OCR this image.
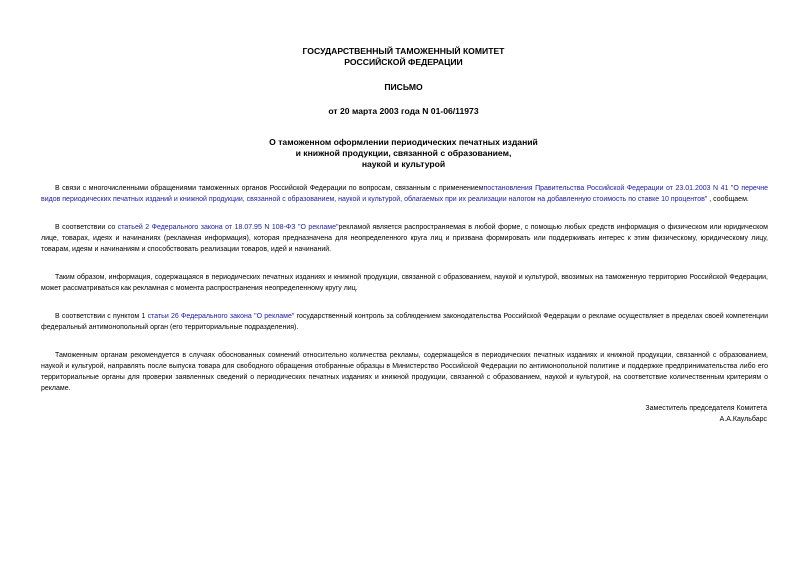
ГОСУДАРСТВЕННЫЙ ТАМОЖЕННЫЙ КОМИТЕТ
РОССИЙСКОЙ ФЕДЕРАЦИИ
ПИСЬМО
от 20 марта 2003 года N 01-06/11973
О таможенном оформлении периодических печатных изданий
и книжной продукции, связанной с образованием,
наукой и культурой

В связи с многочисленными обращениями таможенных органов Российской Федерации по вопросам, связанным с применениемпостановления Правительства Российской Федерации от 23.01.2003 N 41 "О перечне видов периодических печатных изданий и книжной продукции, связанной с образованием, наукой и культурой, облагаемых при их реализации налогом на добавленную стоимость по ставке 10 процентов" , сообщаем.

В соответствии со статьей 2 Федерального закона от 18.07.95 N 108-ФЗ "О рекламе"рекламой является распространяемая в любой форме, с помощью любых средств информация о физическом или юридическом лице, товарах, идеях и начинаниях (рекламная информация), которая предназначена для неопределенного круга лиц и призвана формировать или поддерживать интерес к этим физическому, юридическому лицу, товарам, идеям и начинаниям и способствовать реализации товаров, идей и начинаний.

Таким образом, информация, содержащаяся в периодических печатных изданиях и книжной продукции, связанной с образованием, наукой и культурой, ввозимых на таможенную территорию Российской Федерации, может рассматриваться как рекламная с момента распространения неопределенному кругу лиц.

В соответствии с пунктом 1 статьи 26 Федерального закона "О рекламе" государственный контроль за соблюдением законодательства Российской Федерации о рекламе осуществляет в пределах своей компетенции федеральный антимонопольный орган (его территориальные подразделения).

Таможенным органам рекомендуется в случаях обоснованных сомнений относительно количества рекламы, содержащейся в периодических печатных изданиях и книжной продукции, связанной с образованием, наукой и культурой, направлять после выпуска товара для свободного обращения отобранные образцы в Министерство Российской Федерации по антимонопольной политике и поддержке предпринимательства либо его территориальные органы для проверки заявленных сведений о периодических печатных изданиях и книжной продукции, связанной с образованием, наукой и культурой, на соответствие количественным критериям о рекламе.

Заместитель председателя Комитета
А.А.Каульбарс
